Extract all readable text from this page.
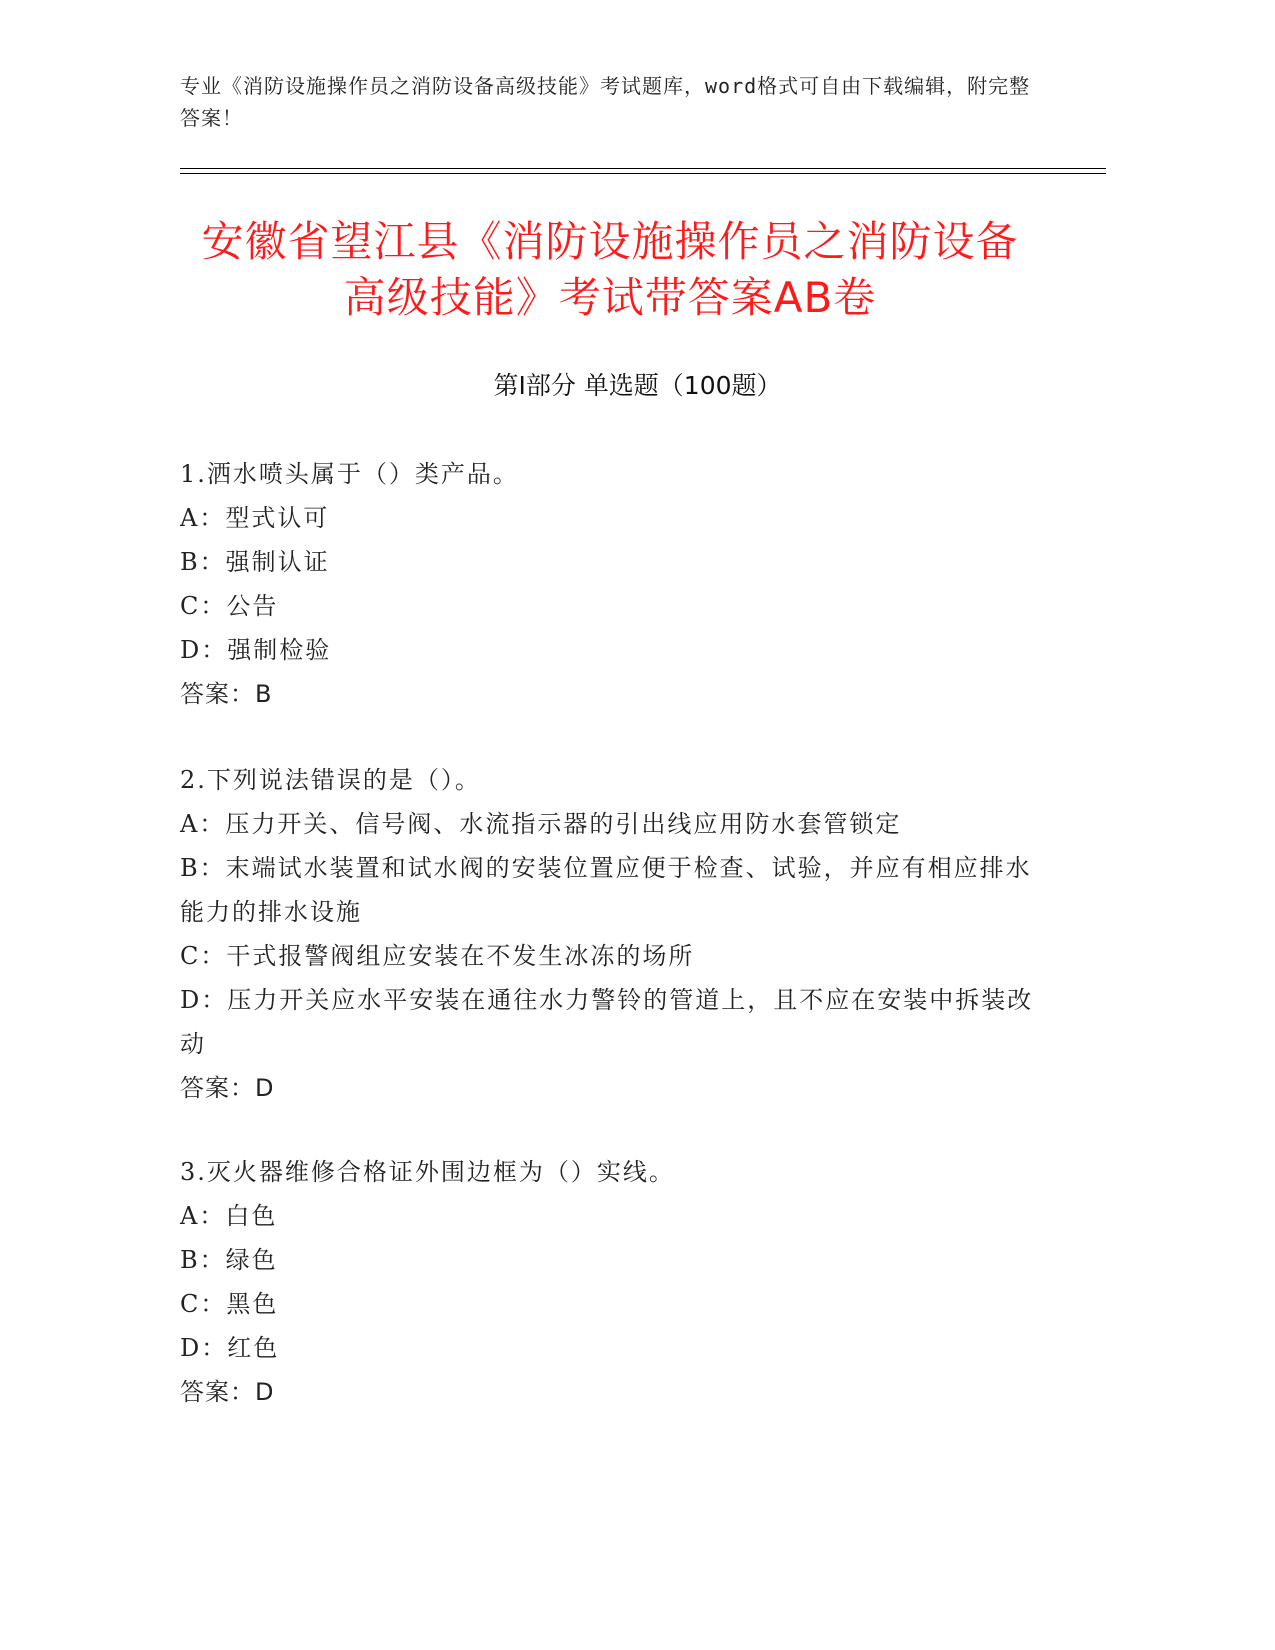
专业《消防设施操作员之消防设备高级技能》考试题库，word格式可自由下载编辑，附完整答案！
安徽省望江县《消防设施操作员之消防设备
高级技能》考试带答案AB卷
第Ⅰ部分 单选题（100题）
1.洒水喷头属于（）类产品。
A：型式认可
B：强制认证
C：公告
D：强制检验
答案：B
2.下列说法错误的是（）。
A：压力开关、信号阀、水流指示器的引出线应用防水套管锁定
B：末端试水装置和试水阀的安装位置应便于检查、试验，并应有相应排水能力的排水设施
C：干式报警阀组应安装在不发生冰冻的场所
D：压力开关应水平安装在通往水力警铃的管道上，且不应在安装中拆装改动
答案：D
3.灭火器维修合格证外围边框为（）实线。
A：白色
B：绿色
C：黑色
D：红色
答案：D
